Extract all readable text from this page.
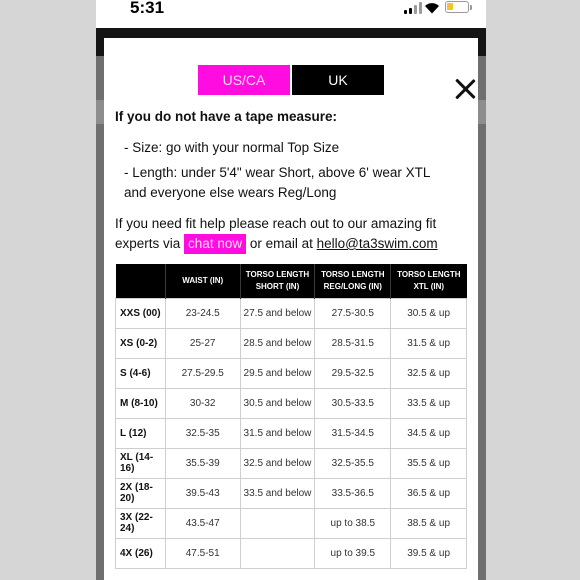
5:31
US/CA	UK
If you do not have a tape measure:
- Size: go with your normal Top Size
- Length: under 5'4" wear Short, above 6' wear XTL and everyone else wears Reg/Long
If you need fit help please reach out to our amazing fit experts via chat now or email at hello@ta3swim.com
	WAIST (IN)	TORSO LENGTH SHORT (IN)	TORSO LENGTH REG/LONG (IN)	TORSO LENGTH XTL (IN)
XXS (00)	23-24.5	27.5 and below	27.5-30.5	30.5 & up
XS (0-2)	25-27	28.5 and below	28.5-31.5	31.5 & up
S (4-6)	27.5-29.5	29.5 and below	29.5-32.5	32.5 & up
M (8-10)	30-32	30.5 and below	30.5-33.5	33.5 & up
L (12)	32.5-35	31.5 and below	31.5-34.5	34.5 & up
XL (14-16)	35.5-39	32.5 and below	32.5-35.5	35.5 & up
2X (18-20)	39.5-43	33.5 and below	33.5-36.5	36.5 & up
3X (22-24)	43.5-47		up to 38.5	38.5 & up
4X (26)	47.5-51		up to 39.5	39.5 & up
